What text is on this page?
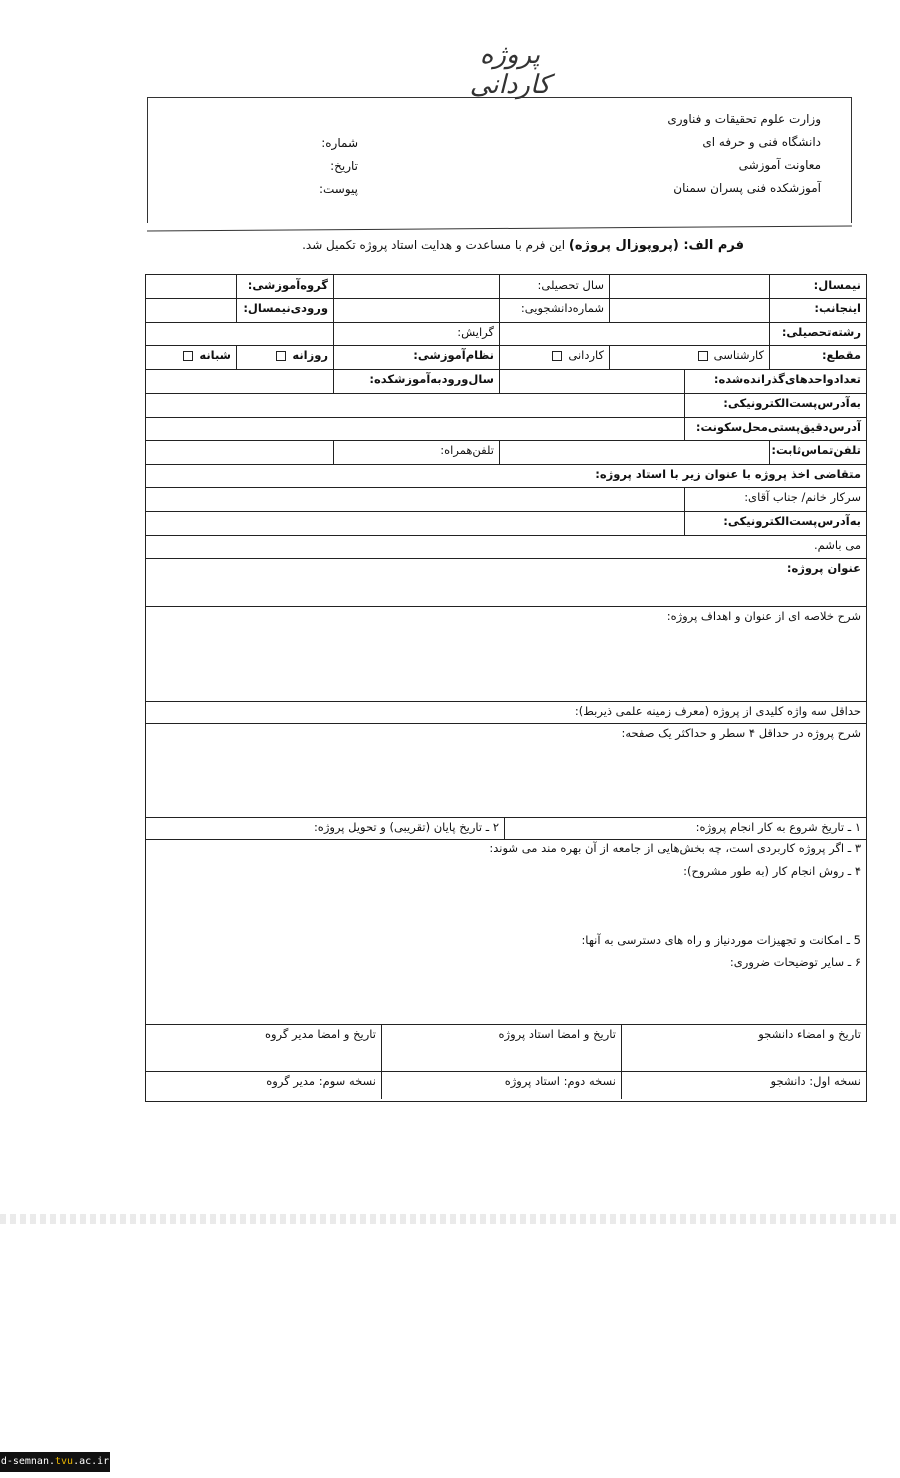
پروژه کاردانی
وزارت علوم تحقیقات و فناوری
دانشگاه فنی و حرفه ای
معاونت آموزشی
آموزشکده فنی پسران سمنان
شماره:
تاریخ:
پیوست:
فرم الف: (پروپوزال پروژه) این فرم با مساعدت و هدایت استاد پروژه تکمیل شد.
نیمسال:
سال تحصیلی:
گروه‌آموزشی:
اینجانب:
شماره‌دانشجویی:
ورودی‌نیمسال:
رشته‌تحصیلی:
گرایش:
مقطع:
کارشناسی
کاردانی
نظام‌آموزشی:
روزانه
شبانه
تعدادواحدهای‌گذرانده‌شده:
سال‌ورود‌به‌آموزشکده:
به‌آدرس‌پست‌الکترونیکی:
آدرس‌دقیق‌پستی‌محل‌سکونت:
تلفن‌تماس‌ثابت:
تلفن‌همراه:
متقاضی اخذ پروژه با عنوان زیر با استاد پروژه:
سرکار خانم/ جناب آقای:
به‌آدرس‌پست‌الکترونیکی:
می باشم.
عنوان پروژه:
شرح خلاصه ای از عنوان و اهداف پروژه:
حداقل سه واژه کلیدی از پروژه (معرف زمینه علمی ذیربط):
شرح پروژه در حداقل ۴ سطر و حداکثر یک صفحه:
۱ ـ تاریخ شروع به کار انجام پروژه:
۲ ـ تاریخ پایان (تقریبی) و تحویل پروژه:
۳ ـ اگر پروژه کاربردی است، چه بخش‌هایی از جامعه از آن بهره مند می شوند:
۴ ـ روش انجام کار (به طور مشروح):
5 ـ امکانت و تجهیزات موردنیاز و راه های دسترسی به آنها:
۶ ـ سایر توضیحات ضروری:
تاریخ و امضاء دانشجو
تاریخ و امضا استاد پروژه
تاریخ و امضا مدیر گروه
نسخه اول: دانشجو
نسخه دوم: استاد پروژه
نسخه سوم: مدیر گروه
d-semnan.tvu.ac.ir
